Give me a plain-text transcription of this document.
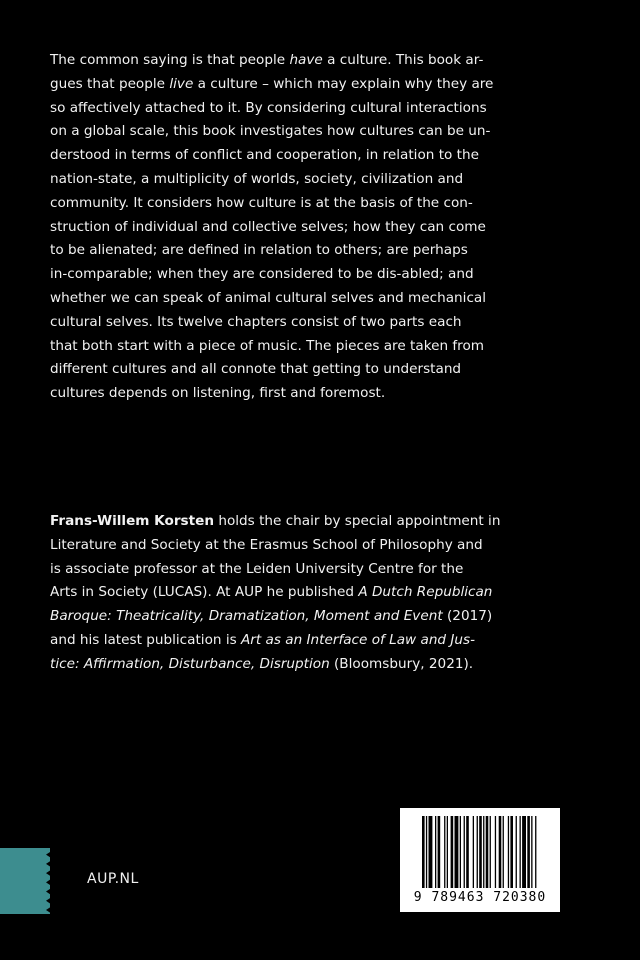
The common saying is that people have a culture. This book ar-
gues that people live a culture – which may explain why they are
so affectively attached to it. By considering cultural interactions
on a global scale, this book investigates how cultures can be un-
derstood in terms of conflict and cooperation, in relation to the
nation-state, a multiplicity of worlds, society, civilization and
community. It considers how culture is at the basis of the con-
struction of individual and collective selves; how they can come
to be alienated; are defined in relation to others; are perhaps
in-comparable; when they are considered to be dis-abled; and
whether we can speak of animal cultural selves and mechanical
cultural selves. Its twelve chapters consist of two parts each
that both start with a piece of music. The pieces are taken from
different cultures and all connote that getting to understand
cultures depends on listening, first and foremost.
Frans-Willem Korsten holds the chair by special appointment in
Literature and Society at the Erasmus School of Philosophy and
is associate professor at the Leiden University Centre for the
Arts in Society (LUCAS). At AUP he published A Dutch Republican
Baroque: Theatricality, Dramatization, Moment and Event (2017)
and his latest publication is Art as an Interface of Law and Jus-
tice: Affirmation, Disturbance, Disruption (Bloomsbury, 2021).
AUP.NL
9 789463 720380
